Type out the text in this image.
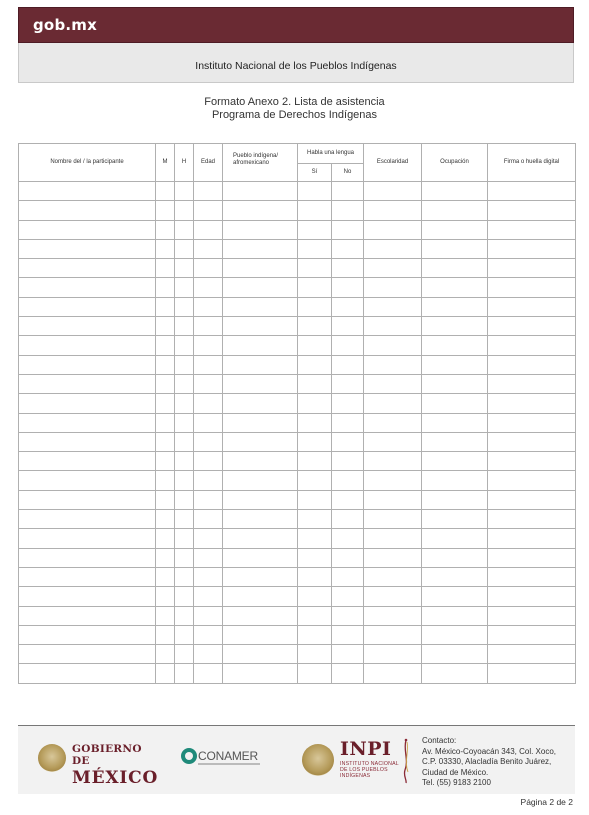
gob.mx
Instituto Nacional de los Pueblos Indígenas
Formato Anexo 2. Lista de asistencia
Programa de Derechos Indígenas
Nombre del / la participante	M	H	Edad	Pueblo indígena/ afromexicano	Habla una lengua		Escolaridad	Ocupación	Firma o huella digital
					Sí	No			

GOBIERNO DE
MÉXICO
CONAMER	INPI
INSTITUTO NACIONAL DE LOS PUEBLOS INDÍGENAS
Contacto:
Av. México-Coyoacán 343, Col. Xoco,
C.P. 03330, Alacladía Benito Juárez,
Ciudad de México.
Tel. (55) 9183 2100
Página 2 de 2
